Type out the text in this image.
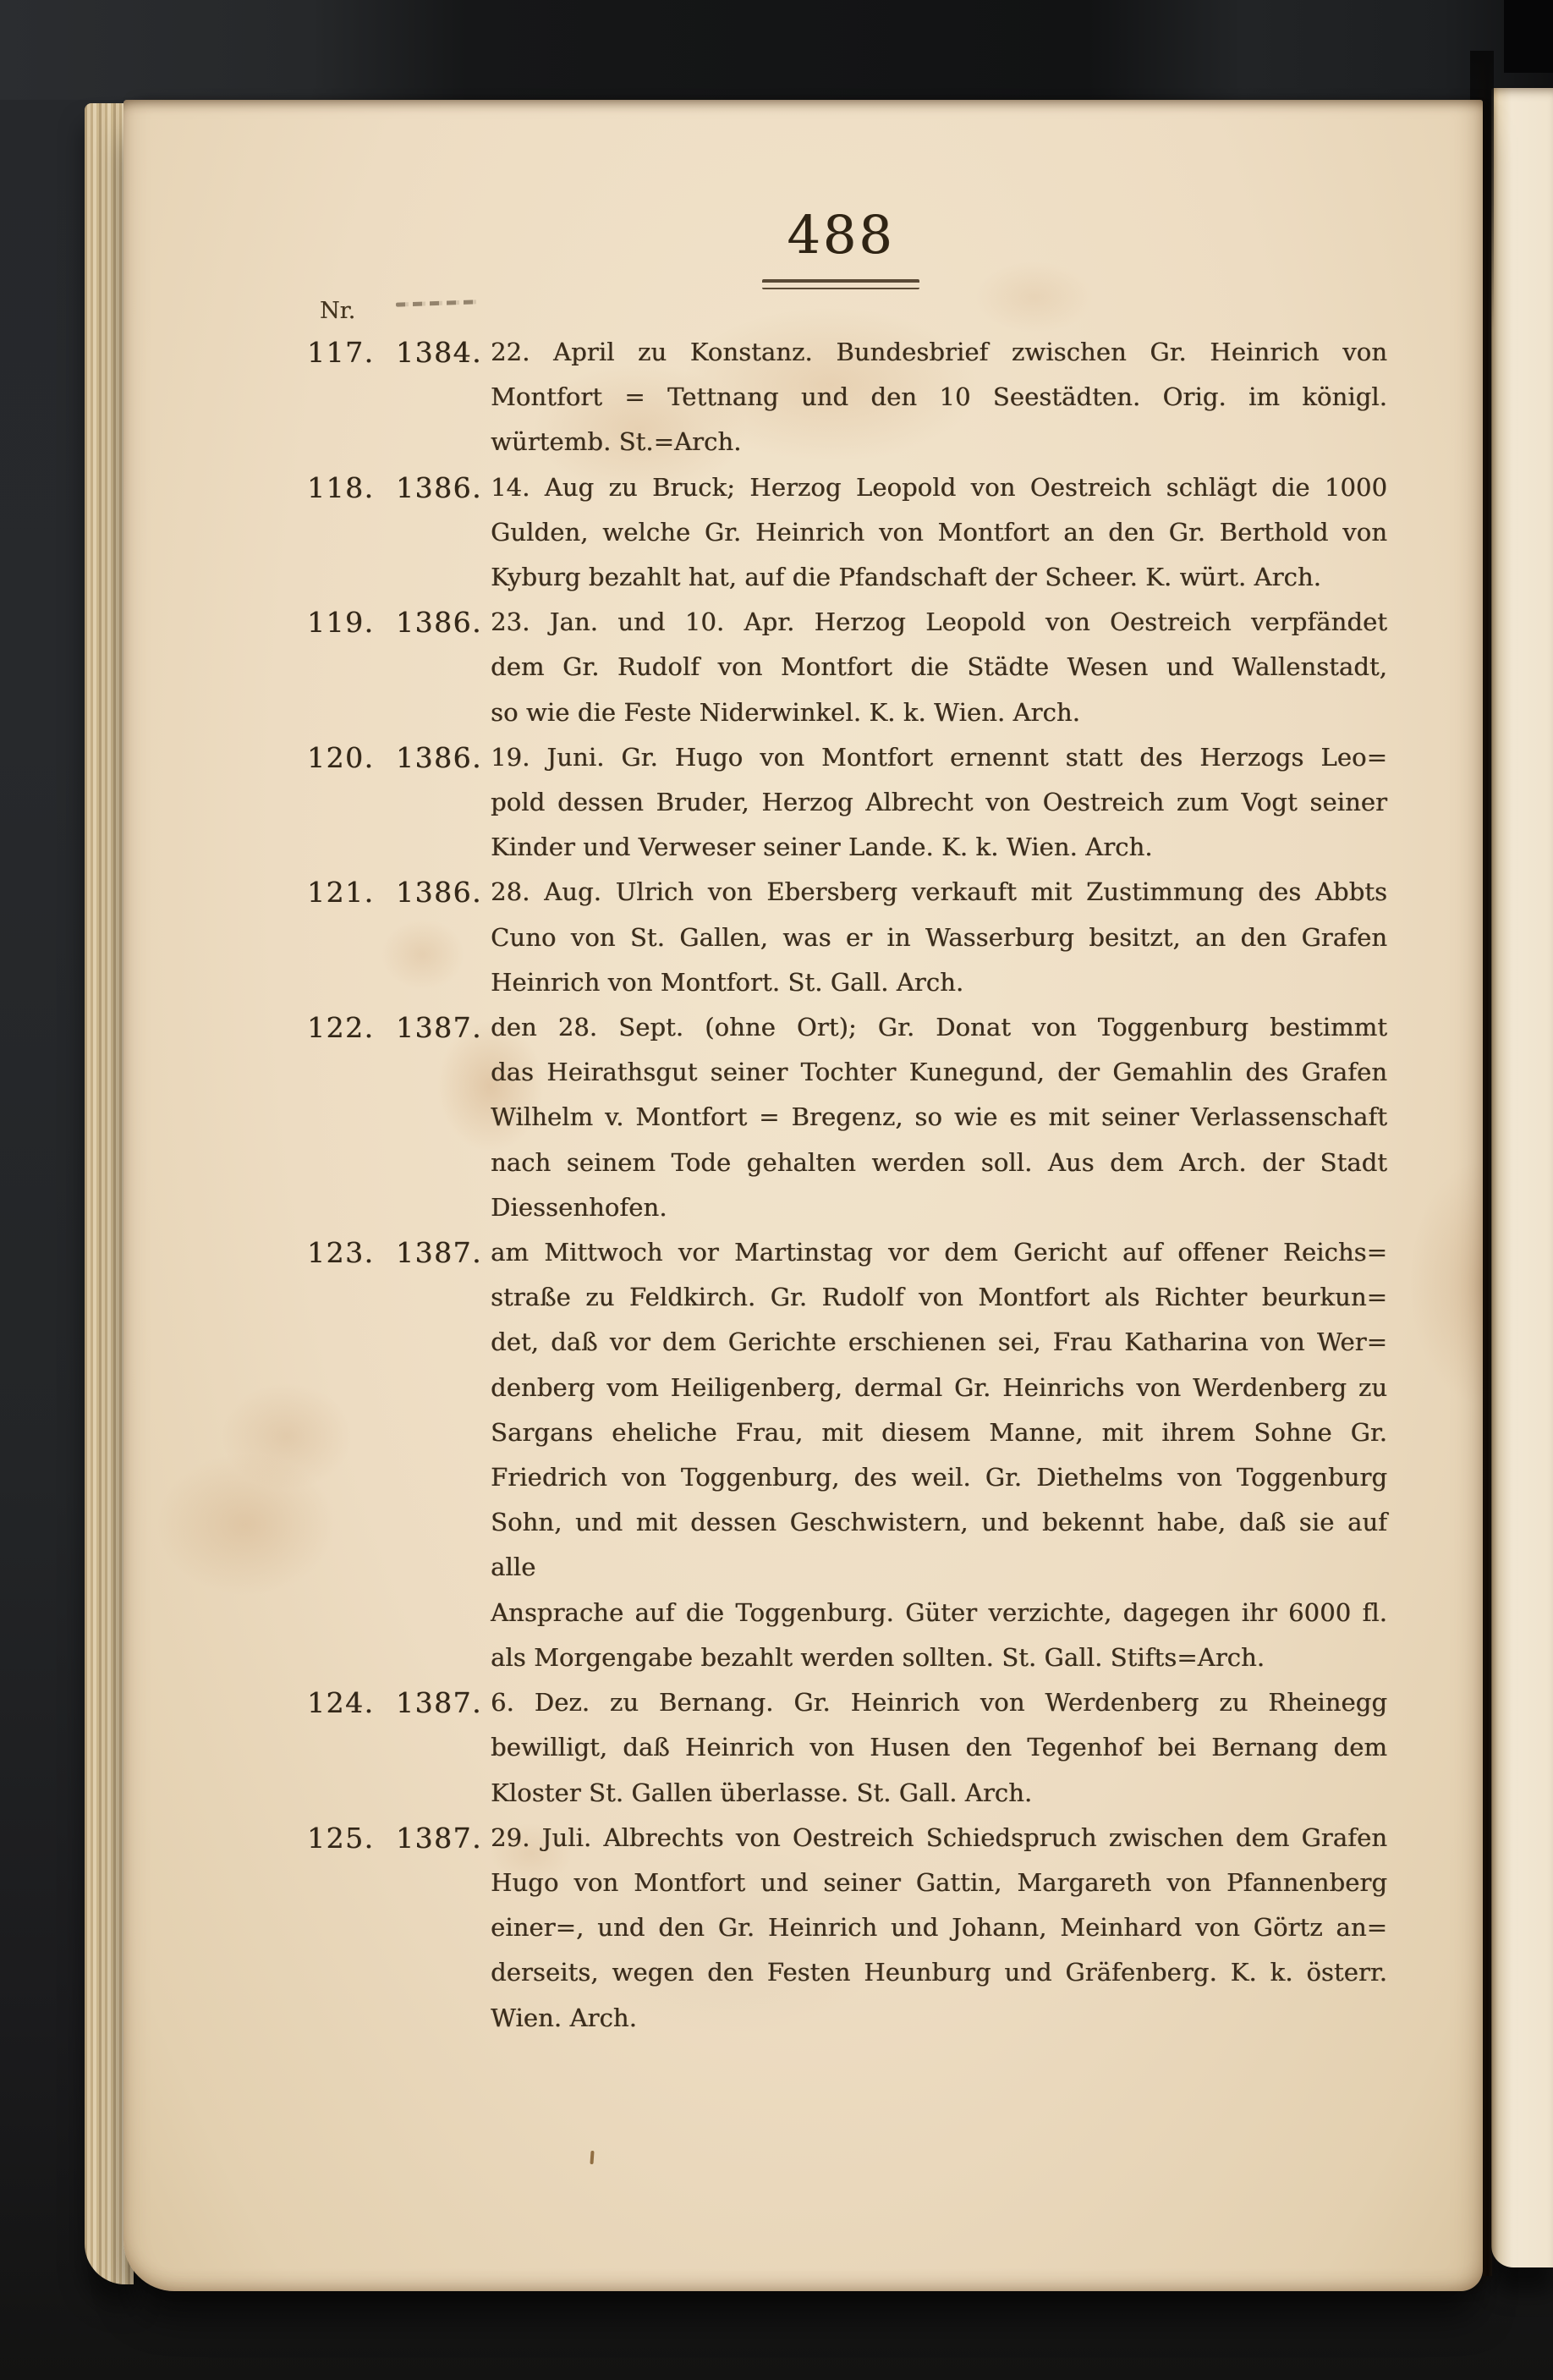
488
Nr.
117. 1384. 22. April zu Konstanz. Bundesbrief zwischen Gr. Heinrich von
Montfort = Tettnang und den 10 Seestädten. Orig. im königl.
würtemb. St.=Arch.
118. 1386. 14. Aug zu Bruck; Herzog Leopold von Oestreich schlägt die 1000
Gulden, welche Gr. Heinrich von Montfort an den Gr. Berthold von
Kyburg bezahlt hat, auf die Pfandschaft der Scheer. K. würt. Arch.
119. 1386. 23. Jan. und 10. Apr. Herzog Leopold von Oestreich verpfändet
dem Gr. Rudolf von Montfort die Städte Wesen und Wallenstadt,
so wie die Feste Niderwinkel. K. k. Wien. Arch.
120. 1386. 19. Juni. Gr. Hugo von Montfort ernennt statt des Herzogs Leo=
pold dessen Bruder, Herzog Albrecht von Oestreich zum Vogt seiner
Kinder und Verweser seiner Lande. K. k. Wien. Arch.
121. 1386. 28. Aug. Ulrich von Ebersberg verkauft mit Zustimmung des Abbts
Cuno von St. Gallen, was er in Wasserburg besitzt, an den Grafen
Heinrich von Montfort. St. Gall. Arch.
122. 1387. den 28. Sept. (ohne Ort); Gr. Donat von Toggenburg bestimmt
das Heirathsgut seiner Tochter Kunegund, der Gemahlin des Grafen
Wilhelm v. Montfort = Bregenz, so wie es mit seiner Verlassenschaft
nach seinem Tode gehalten werden soll. Aus dem Arch. der Stadt
Diessenhofen.
123. 1387. am Mittwoch vor Martinstag vor dem Gericht auf offener Reichs=
straße zu Feldkirch. Gr. Rudolf von Montfort als Richter beurkun=
det, daß vor dem Gerichte erschienen sei, Frau Katharina von Wer=
denberg vom Heiligenberg, dermal Gr. Heinrichs von Werdenberg zu
Sargans eheliche Frau, mit diesem Manne, mit ihrem Sohne Gr.
Friedrich von Toggenburg, des weil. Gr. Diethelms von Toggenburg
Sohn, und mit dessen Geschwistern, und bekennt habe, daß sie auf alle
Ansprache auf die Toggenburg. Güter verzichte, dagegen ihr 6000 fl.
als Morgengabe bezahlt werden sollten. St. Gall. Stifts=Arch.
124. 1387. 6. Dez. zu Bernang. Gr. Heinrich von Werdenberg zu Rheinegg
bewilligt, daß Heinrich von Husen den Tegenhof bei Bernang dem
Kloster St. Gallen überlasse. St. Gall. Arch.
125. 1387. 29. Juli. Albrechts von Oestreich Schiedspruch zwischen dem Grafen
Hugo von Montfort und seiner Gattin, Margareth von Pfannenberg
einer=, und den Gr. Heinrich und Johann, Meinhard von Görtz an=
derseits, wegen den Festen Heunburg und Gräfenberg. K. k. österr.
Wien. Arch.
